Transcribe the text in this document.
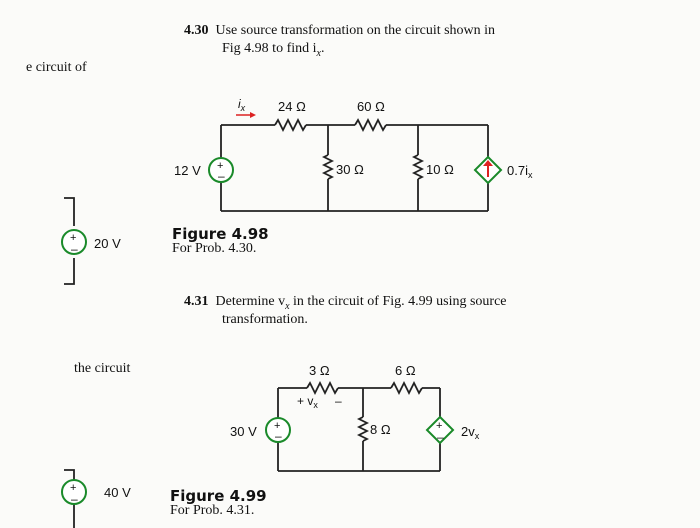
e circuit of
the circuit
+
– 20 V
+
– 40 V
4.30 Use source transformation on the circuit shown in
Fig 4.98 to find $i_x$.
+
–
$i_x$	24 Ω	60 Ω
30 Ω	10 Ω
12 V	$0.7i_x$
Figure 4.98
For Prob. 4.30.
4.31 Determine $v_x$ in the circuit of Fig. 4.99 using source
transformation.
+
–
+
–
3 Ω	6 Ω
8 Ω
30 V
+ $v_x$ –
$2v_x$
Figure 4.99
For Prob. 4.31.
